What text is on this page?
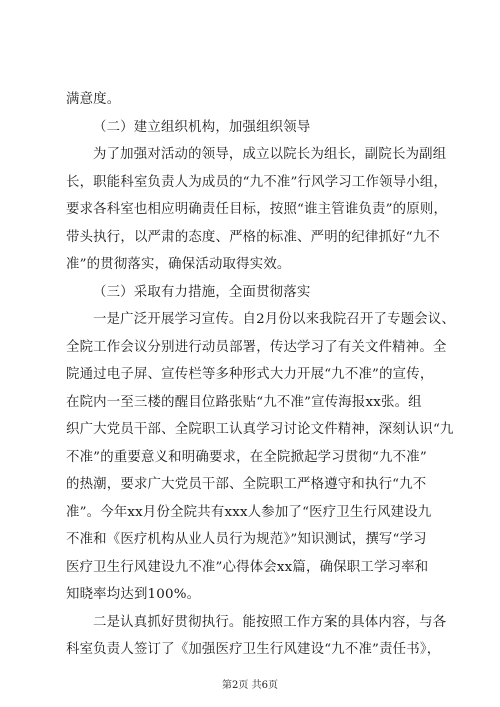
满意度。
（二）建立组织机构，加强组织领导
为了加强对活动的领导，成立以院长为组长，副院长为副组
长，职能科室负责人为成员的“九不准”行风学习工作领导小组，
要求各科室也相应明确责任目标，按照“谁主管谁负责”的原则，
带头执行，以严肃的态度、严格的标准、严明的纪律抓好“九不
准”的贯彻落实，确保活动取得实效。
（三）采取有力措施，全面贯彻落实
一是广泛开展学习宣传。自2月份以来我院召开了专题会议、
全院工作会议分别进行动员部署，传达学习了有关文件精神。全
院通过电子屏、宣传栏等多种形式大力开展“九不准”的宣传，
在院内一至三楼的醒目位路张贴“九不准”宣传海报xx张。组
织广大党员干部、全院职工认真学习讨论文件精神，深刻认识“九
不准”的重要意义和明确要求，在全院掀起学习贯彻“九不准”
的热潮，要求广大党员干部、全院职工严格遵守和执行“九不
准”。今年xx月份全院共有xxx人参加了“医疗卫生行风建设九
不准和《医疗机构从业人员行为规范》”知识测试，撰写“学习
医疗卫生行风建设九不准”心得体会xx篇，确保职工学习率和
知晓率均达到100%。
二是认真抓好贯彻执行。能按照工作方案的具体内容，与各
科室负责人签订了《加强医疗卫生行风建设“九不准”责任书》，
第2页 共6页
